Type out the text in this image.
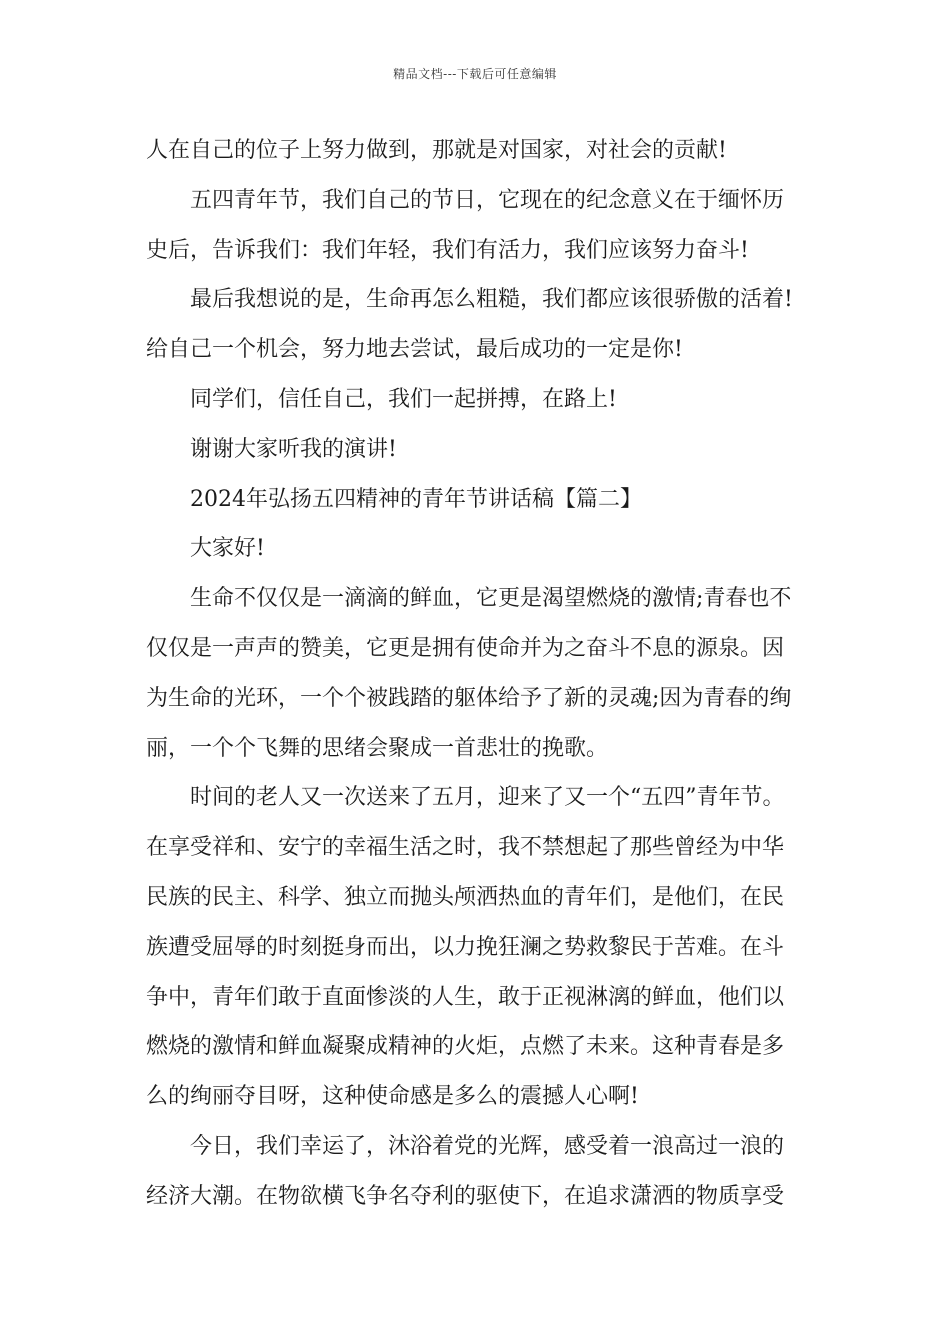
精品文档---下载后可任意编辑
人在自己的位子上努力做到，那就是对国家，对社会的贡献!
五四青年节，我们自己的节日，它现在的纪念意义在于缅怀历
史后，告诉我们：我们年轻，我们有活力，我们应该努力奋斗!
最后我想说的是，生命再怎么粗糙，我们都应该很骄傲的活着!
给自己一个机会，努力地去尝试，最后成功的一定是你!
同学们，信任自己，我们一起拼搏，在路上!
谢谢大家听我的演讲!
2024年弘扬五四精神的青年节讲话稿【篇二】
大家好!
生命不仅仅是一滴滴的鲜血，它更是渴望燃烧的激情;青春也不
仅仅是一声声的赞美，它更是拥有使命并为之奋斗不息的源泉。因
为生命的光环，一个个被践踏的躯体给予了新的灵魂;因为青春的绚
丽，一个个飞舞的思绪会聚成一首悲壮的挽歌。
时间的老人又一次送来了五月，迎来了又一个“五四”青年节。
在享受祥和、安宁的幸福生活之时，我不禁想起了那些曾经为中华
民族的民主、科学、独立而抛头颅洒热血的青年们，是他们，在民
族遭受屈辱的时刻挺身而出，以力挽狂澜之势救黎民于苦难。在斗
争中，青年们敢于直面惨淡的人生，敢于正视淋漓的鲜血，他们以
燃烧的激情和鲜血凝聚成精神的火炬，点燃了未来。这种青春是多
么的绚丽夺目呀，这种使命感是多么的震撼人心啊!
今日，我们幸运了，沐浴着党的光辉，感受着一浪高过一浪的
经济大潮。在物欲横飞争名夺利的驱使下，在追求潇洒的物质享受
